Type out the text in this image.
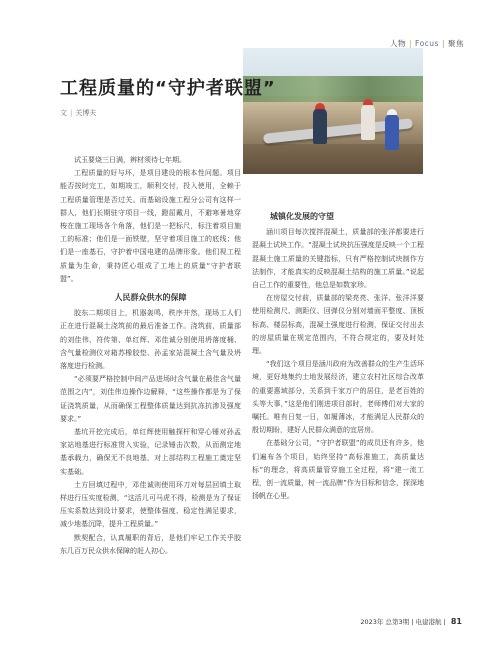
人物 | Focus | 聚焦
工程质量的“守护者联盟”
文 | 关博夫

试玉要烧三日满，辨材须待七年期。

工程质量的好与坏，是项目建设的根本性问题。项目能否按时完工，如期竣工，顺利交付，投入使用，全赖于工程质量管理是否过关。而基础设施工程分公司有这样一群人，他们长期驻守项目一线，蹬屈戴月，不避寒暑地穿梭在施工现场各个角落，他们是一把标尺，标注着项目施工的标准；他们是一面铁壁，坚守着项目施工的底线；他们是一座基石，守护着中国电建的品牌形象。他们视工程质量为生命，秉持匠心组成了工地上的质量“守护者联盟”。

人民群众供水的保障

胶东二期项目上，机器轰鸣，秩序井然，现场工人们正在进行混凝土浇筑前的最后准备工作。浇筑前，质量部的刘佳伟、符传第、单红辉、邓佳诚分别使用坍落度桶、含气量检测仪对箱苏橡胶垫、孙孟家站混凝土含气量及坍落度进行检测。

“必须要严格控制中间产品进场时含气量在最佳含气量范围之内”，刘佳伟边操作边解释，“这些操作都是为了保证浇筑质量，从而确保工程整体质量达到抗冻抗渗及强度要求。”

基坑开挖完成后，单红辉使用触探杆和穿心锤对孙孟家站地基进行标准贯入实验，记录锤击次数，从而测定地基承载力，确保无不良地基，对上部结构工程施工奠定坚实基础。

土方回填过程中，邓佳诚则使用环刀对每层回填土取样进行压实度检测，“这活儿可马虎不得，检测是为了保证压实系数达到设计要求，使整体强度、稳定性满足要求，减少地基沉降，提升工程质量。”

默契配合，认真履职的背后，是他们牢记工作关乎胶东几百万民众供水保障的赶人初心。

城镇化发展的守望

涵川项目每次搅拌混凝土，质量部的张洋都要进行混凝土试块工作。“混凝土试块抗压强度是反映一个工程混凝土施工质量的关键指标，只有严格控制试块制作方法制作，才能真实的反映混凝土结构的施工质量。”说起自己工作的重要性，他总是如数家珍。

在房屋交付前，质量部的梁亮亮、张洋、张洋洋要使用检测尺、测距仪、回弹仪分别对墙面平整度、顶板标高、楼层标高，混凝土强度进行检测，保证交付出去的房屋质量在规定范围内，不符合规定的，要及时处理。

“我们这个项目是涵川政府为改善群众的生产生活环境，更好地集约土地发展经济，建立农村社区综合改革的重要惠域部分，关系到千家万户的居住，是老百姓的头等大事，”这是他们刚进项目部时，老师傅们对大家的嘱托。唯有日复一日，如履薄冰，才能满足人民群众的殷切期盼，建好人民群众满意的宜居房。

在基础分公司，“守护者联盟”的成员还有许多，他们遍布各个项目，始终坚持“高标准施工，高质量达标”的理念，将高质量管穿施工全过程，将“建一流工程，创一流质量，树一流品牌”作为目标和信念，探深地扬帆在心里。

2023年 总第3期 | 电建港航 | 81
